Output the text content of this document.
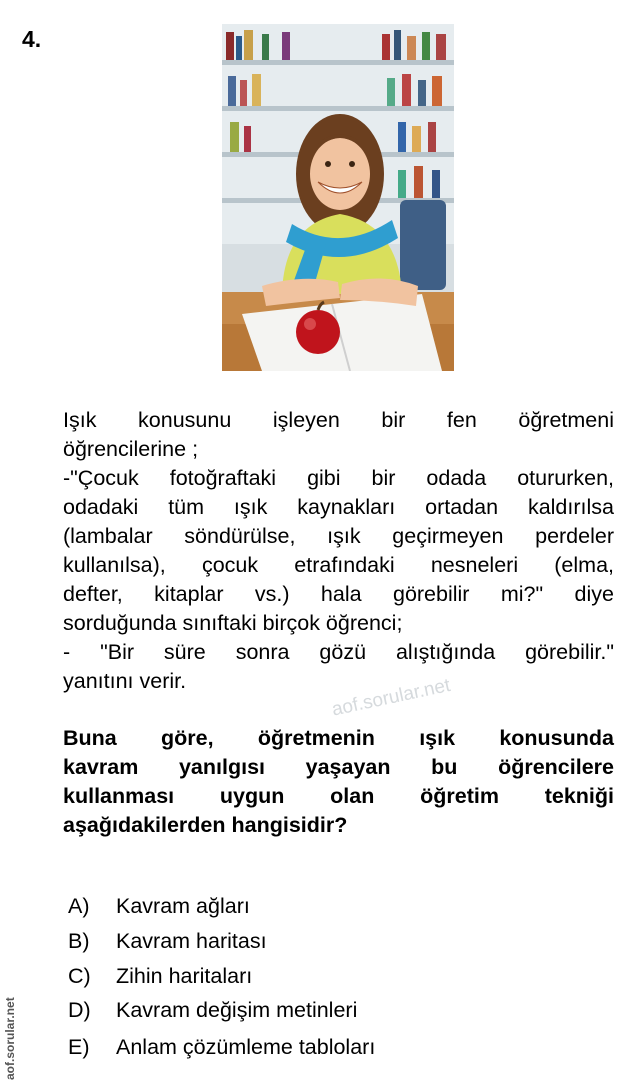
4.
Işık konusunu işleyen bir fen öğretmeni
öğrencilerine ;
-"Çocuk fotoğraftaki gibi bir odada otururken,
odadaki tüm ışık kaynakları ortadan kaldırılsa
(lambalar söndürülse, ışık geçirmeyen perdeler
kullanılsa), çocuk etrafındaki nesneleri (elma,
defter, kitaplar vs.) hala görebilir mi?" diye
sorduğunda sınıftaki birçok öğrenci;
- "Bir süre sonra gözü alıştığında görebilir."
yanıtını verir.	aof.sorular.net
Buna göre, öğretmenin ışık konusunda
kavram yanılgısı yaşayan bu öğrencilere
kullanması uygun olan öğretim tekniği
aşağıdakilerden hangisidir?
A) Kavram ağları
B) Kavram haritası
C) Zihin haritaları
D) Kavram değişim metinleri
E) Anlam çözümleme tabloları
aof.sorular.net
